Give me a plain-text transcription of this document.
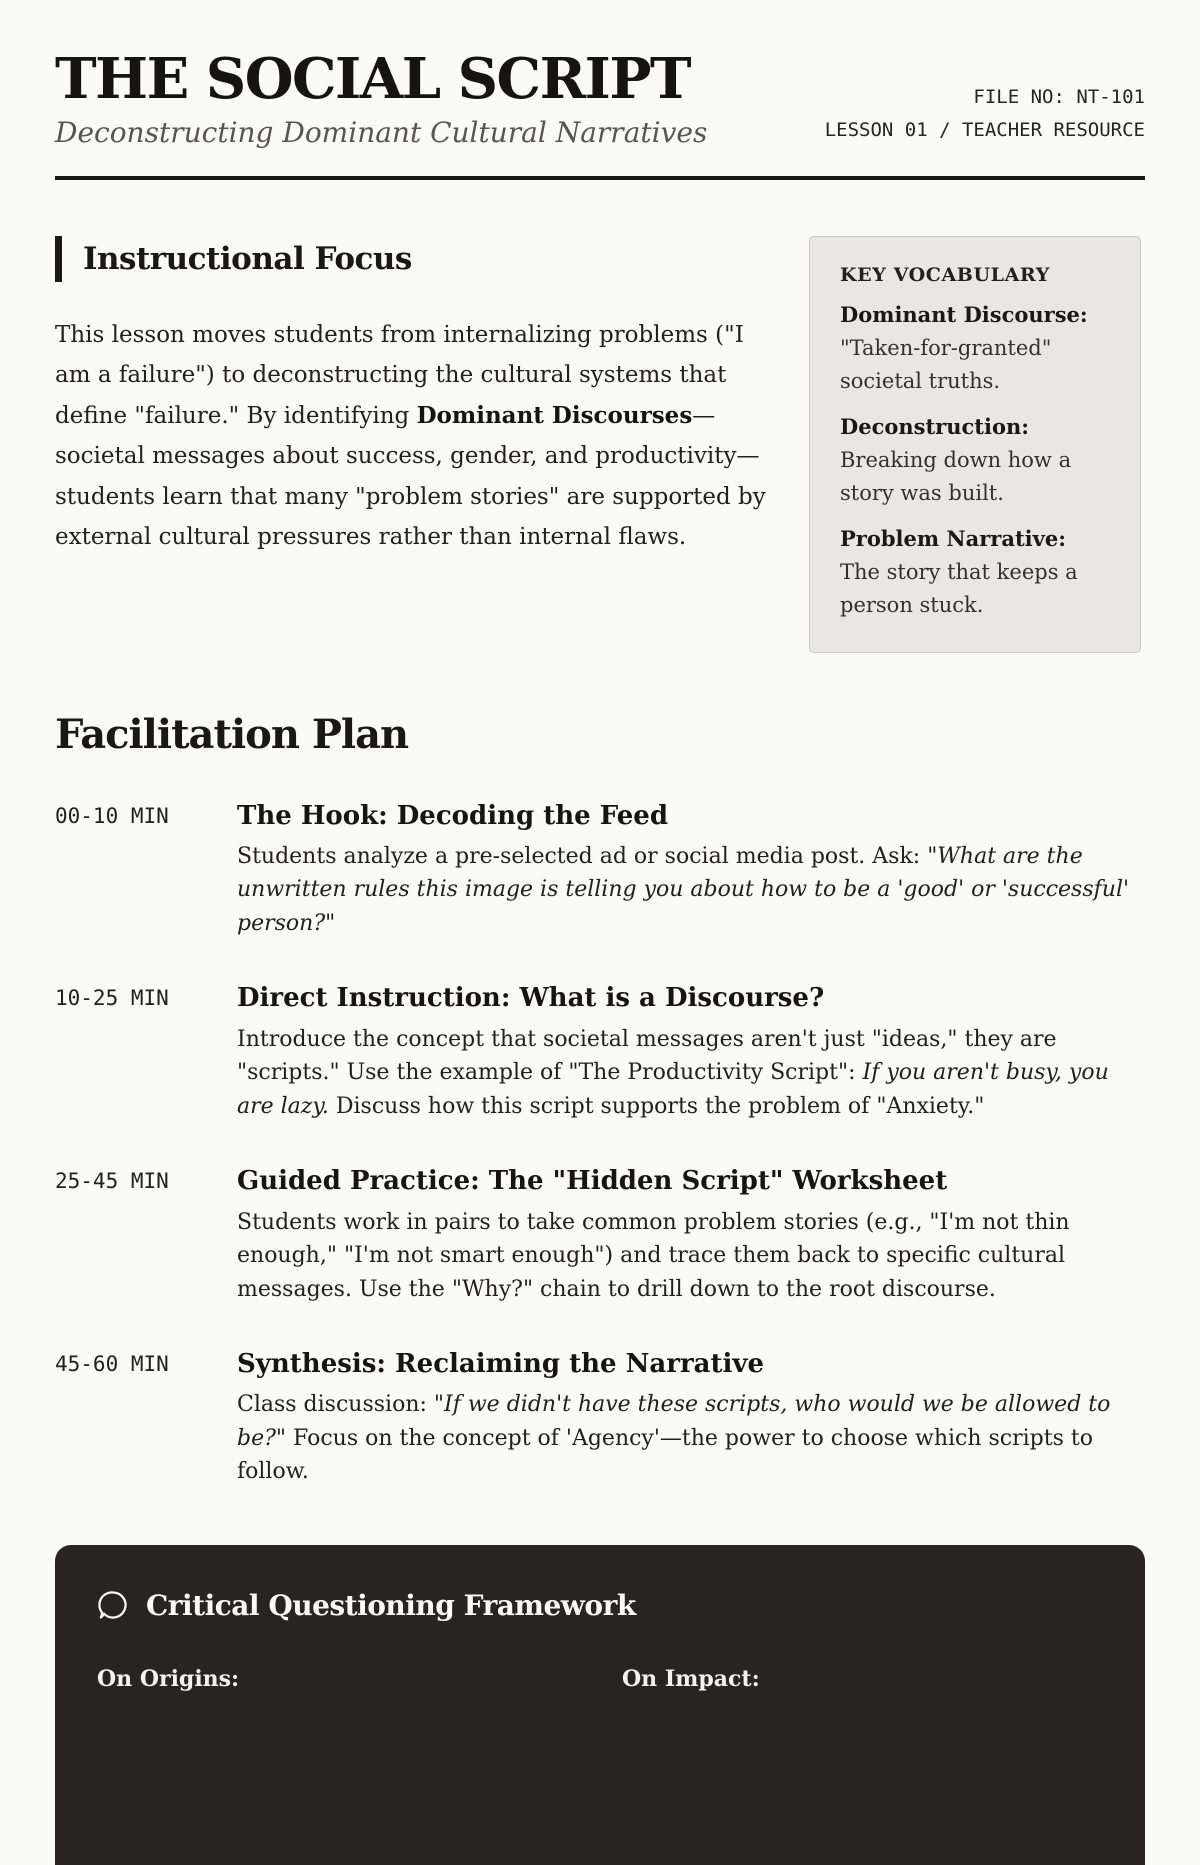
THE SOCIAL SCRIPT
Deconstructing Dominant Cultural Narratives
FILE NO: NT-101
LESSON 01 / TEACHER RESOURCE
Instructional Focus

This lesson moves students from internalizing problems ("I am a failure") to deconstructing the cultural systems that define "failure." By identifying Dominant Discourses—societal messages about success, gender, and productivity—students learn that many "problem stories" are supported by external cultural pressures rather than internal flaws.

KEY VOCABULARY
Dominant Discourse: "Taken-for-granted" societal truths.
Deconstruction: Breaking down how a story was built.
Problem Narrative: The story that keeps a person stuck.
Facilitation Plan
00-10 MIN	The Hook: Decoding the Feed
Students analyze a pre-selected ad or social media post. Ask: "What are the unwritten rules this image is telling you about how to be a 'good' or 'successful' person?"
10-25 MIN	Direct Instruction: What is a Discourse?
Introduce the concept that societal messages aren't just "ideas," they are "scripts." Use the example of "The Productivity Script": If you aren't busy, you are lazy. Discuss how this script supports the problem of "Anxiety."
25-45 MIN	Guided Practice: The "Hidden Script" Worksheet
Students work in pairs to take common problem stories (e.g., "I'm not thin enough," "I'm not smart enough") and trace them back to specific cultural messages. Use the "Why?" chain to drill down to the root discourse.
45-60 MIN	Synthesis: Reclaiming the Narrative
Class discussion: "If we didn't have these scripts, who would we be allowed to be?" Focus on the concept of 'Agency'—the power to choose which scripts to follow.
Critical Questioning Framework
On Origins:	On Impact:
